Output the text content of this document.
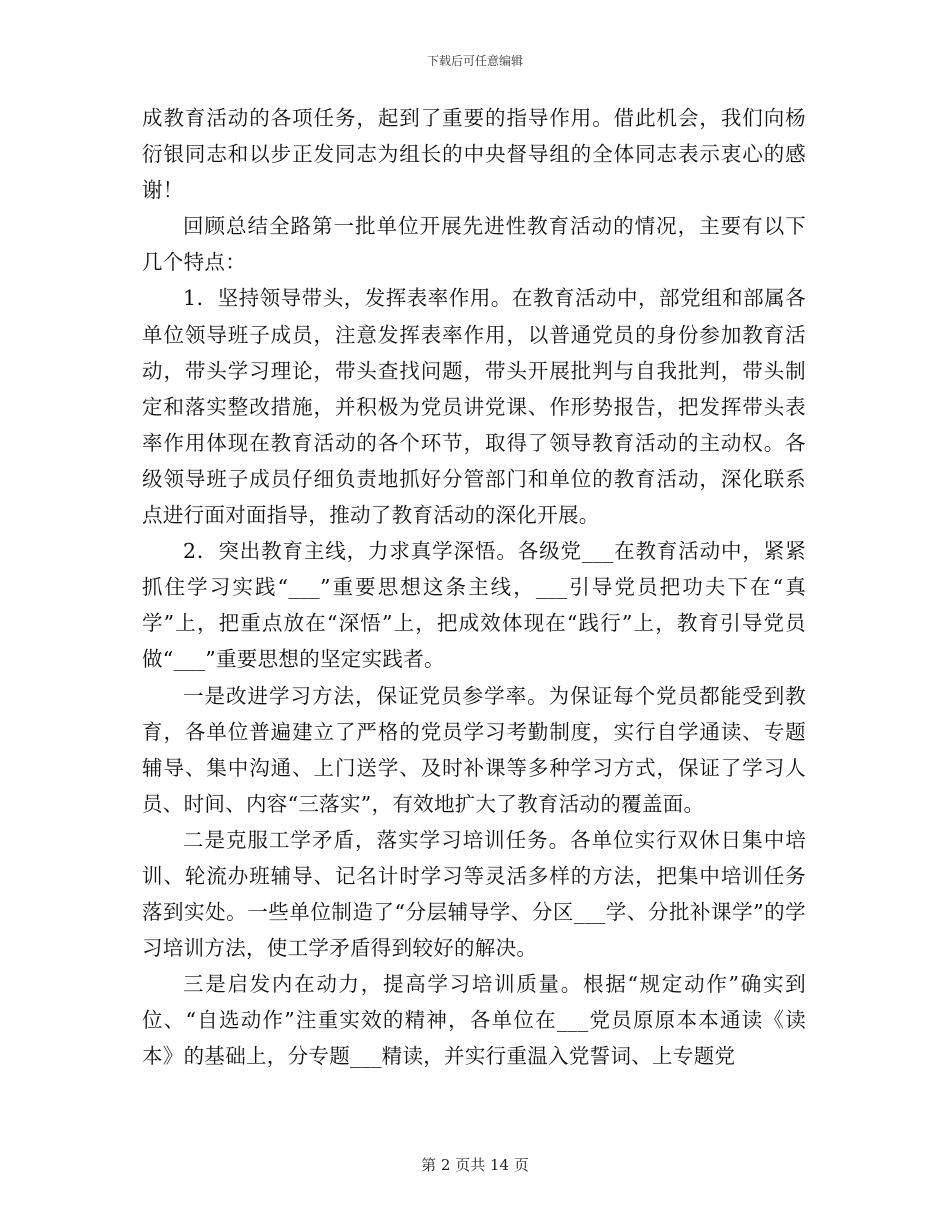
下载后可任意编辑

成教育活动的各项任务，起到了重要的指导作用。借此机会，我们向杨衍银同志和以步正发同志为组长的中央督导组的全体同志表示衷心的感谢！

回顾总结全路第一批单位开展先进性教育活动的情况，主要有以下几个特点：

1．坚持领导带头，发挥表率作用。在教育活动中，部党组和部属各单位领导班子成员，注意发挥表率作用，以普通党员的身份参加教育活动，带头学习理论，带头查找问题，带头开展批判与自我批判，带头制定和落实整改措施，并积极为党员讲党课、作形势报告，把发挥带头表率作用体现在教育活动的各个环节，取得了领导教育活动的主动权。各级领导班子成员仔细负责地抓好分管部门和单位的教育活动，深化联系点进行面对面指导，推动了教育活动的深化开展。

2．突出教育主线，力求真学深悟。各级党___在教育活动中，紧紧抓住学习实践“___”重要思想这条主线，___引导党员把功夫下在“真学”上，把重点放在“深悟”上，把成效体现在“践行”上，教育引导党员做“___”重要思想的坚定实践者。

一是改进学习方法，保证党员参学率。为保证每个党员都能受到教育，各单位普遍建立了严格的党员学习考勤制度，实行自学通读、专题辅导、集中沟通、上门送学、及时补课等多种学习方式，保证了学习人员、时间、内容“三落实”，有效地扩大了教育活动的覆盖面。

二是克服工学矛盾，落实学习培训任务。各单位实行双休日集中培训、轮流办班辅导、记名计时学习等灵活多样的方法，把集中培训任务落到实处。一些单位制造了“分层辅导学、分区___学、分批补课学”的学习培训方法，使工学矛盾得到较好的解决。

三是启发内在动力，提高学习培训质量。根据“规定动作”确实到位、“自选动作”注重实效的精神，各单位在___党员原原本本通读《读本》的基础上，分专题___精读，并实行重温入党誓词、上专题党

第 2 页共 14 页
